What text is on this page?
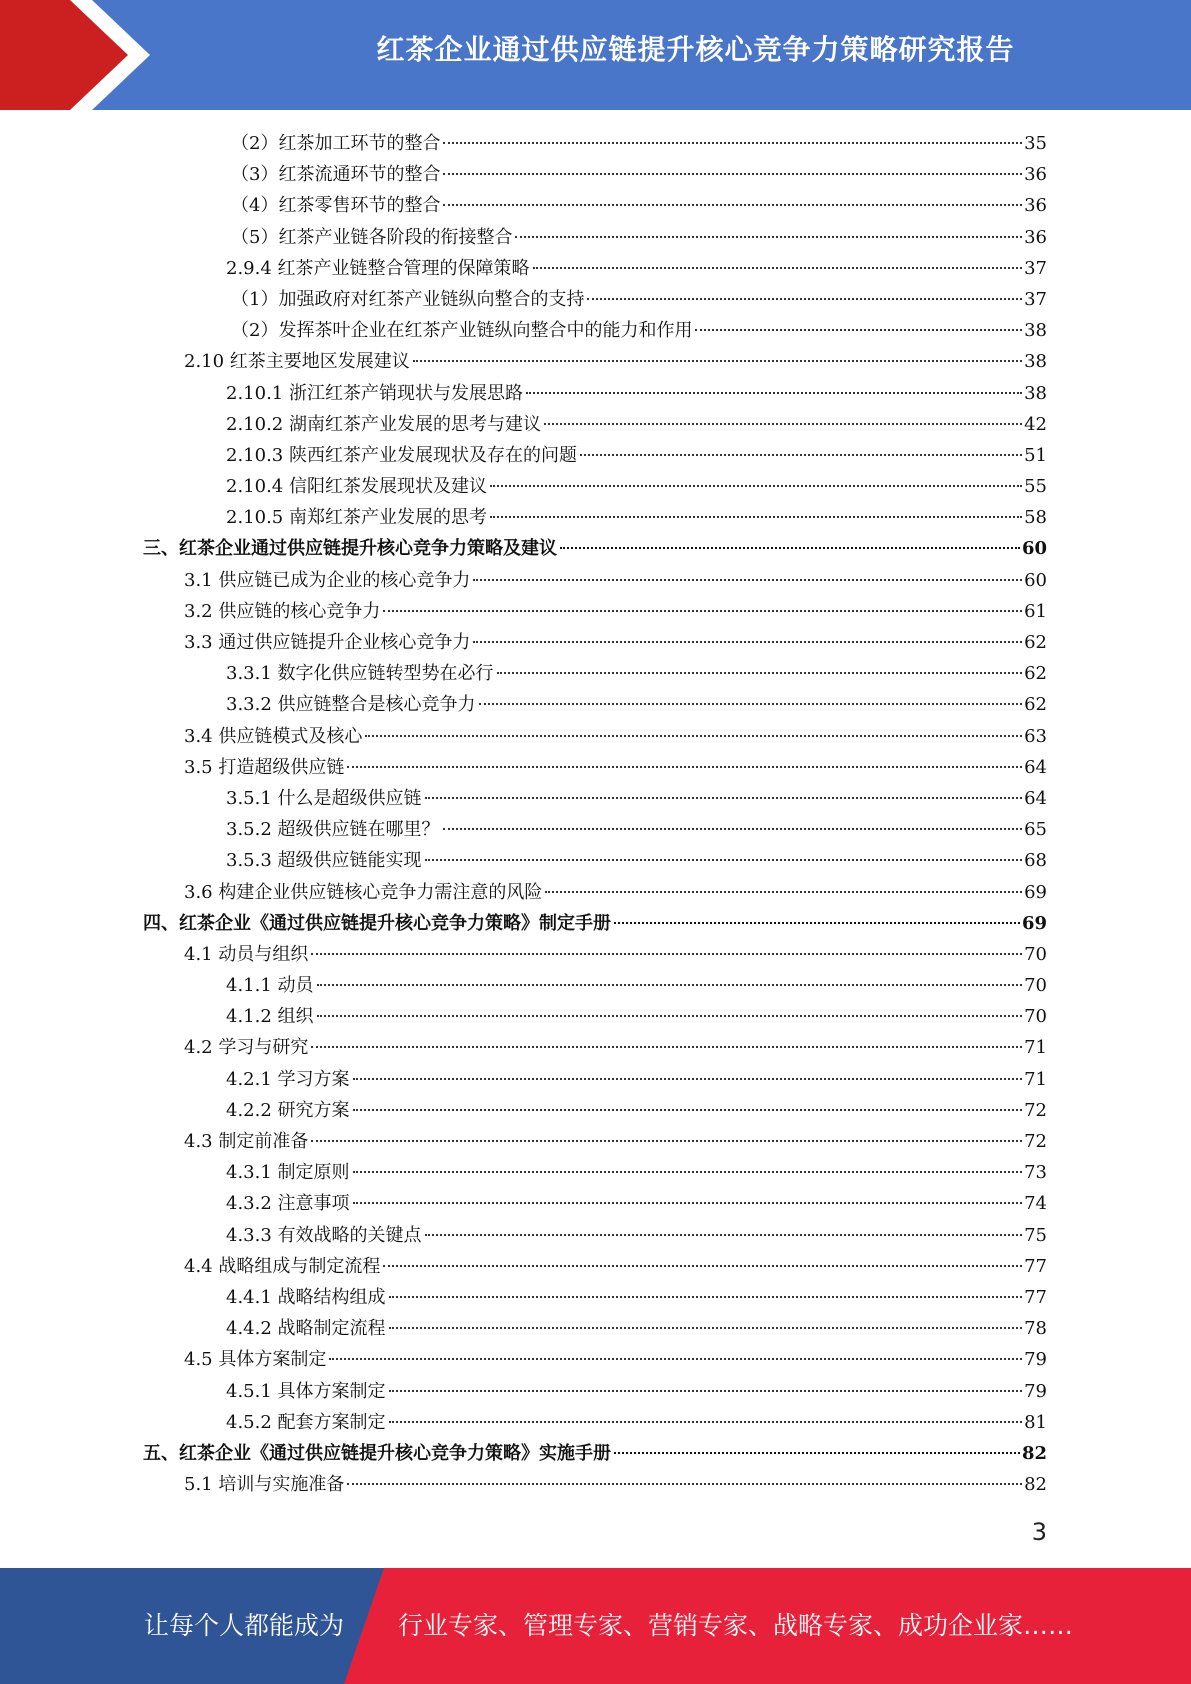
红茶企业通过供应链提升核心竞争力策略研究报告
（2）红茶加工环节的整合	35
（3）红茶流通环节的整合	36
（4）红茶零售环节的整合	36
（5）红茶产业链各阶段的衔接整合	36
2.9.4 红茶产业链整合管理的保障策略	37
（1）加强政府对红茶产业链纵向整合的支持	37
（2）发挥茶叶企业在红茶产业链纵向整合中的能力和作用	38
2.10 红茶主要地区发展建议	38
2.10.1 浙江红茶产销现状与发展思路	38
2.10.2 湖南红茶产业发展的思考与建议	42
2.10.3 陕西红茶产业发展现状及存在的问题	51
2.10.4 信阳红茶发展现状及建议	55
2.10.5 南郑红茶产业发展的思考	58
三、红茶企业通过供应链提升核心竞争力策略及建议	60
3.1 供应链已成为企业的核心竞争力	60
3.2 供应链的核心竞争力	61
3.3 通过供应链提升企业核心竞争力	62
3.3.1 数字化供应链转型势在必行	62
3.3.2 供应链整合是核心竞争力	62
3.4 供应链模式及核心	63
3.5 打造超级供应链	64
3.5.1 什么是超级供应链	64
3.5.2 超级供应链在哪里？	65
3.5.3 超级供应链能实现	68
3.6 构建企业供应链核心竞争力需注意的风险	69
四、红茶企业《通过供应链提升核心竞争力策略》制定手册	69
4.1 动员与组织	70
4.1.1 动员	70
4.1.2 组织	70
4.2 学习与研究	71
4.2.1 学习方案	71
4.2.2 研究方案	72
4.3 制定前准备	72
4.3.1 制定原则	73
4.3.2 注意事项	74
4.3.3 有效战略的关键点	75
4.4 战略组成与制定流程	77
4.4.1 战略结构组成	77
4.4.2 战略制定流程	78
4.5 具体方案制定	79
4.5.1 具体方案制定	79
4.5.2 配套方案制定	81
五、红茶企业《通过供应链提升核心竞争力策略》实施手册	82
5.1 培训与实施准备	82
3
让每个人都能成为 行业专家、管理专家、营销专家、战略专家、成功企业家……
